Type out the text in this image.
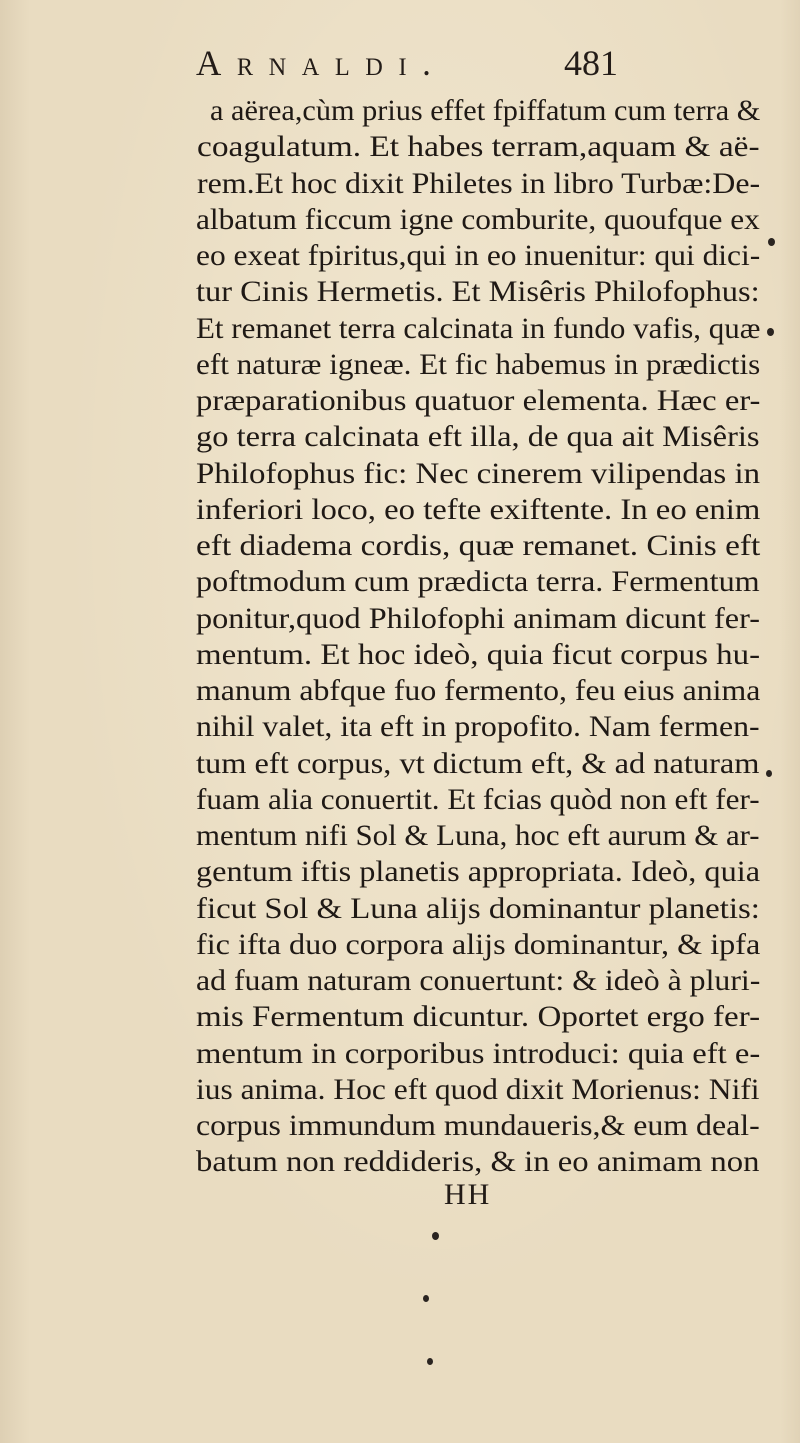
Arnaldi.	481
a aërea,cùm prius effet fpiffatum cum terra &
coagulatum. Et habes terram,aquam & aë-
rem.Et hoc dixit Philetes in libro Turbæ:De-
albatum ficcum igne comburite, quoufque ex
eo exeat fpiritus,qui in eo inuenitur: qui dici-
tur Cinis Hermetis. Et Misêris Philofophus:
Et remanet terra calcinata in fundo vafis, quæ
eft naturæ igneæ. Et fic habemus in prædictis
præparationibus quatuor elementa. Hæc er-
go terra calcinata eft illa, de qua ait Misêris
Philofophus fic: Nec cinerem vilipendas in
inferiori loco, eo tefte exiftente. In eo enim
eft diadema cordis, quæ remanet. Cinis eft
poftmodum cum prædicta terra. Fermentum
ponitur,quod Philofophi animam dicunt fer-
mentum. Et hoc ideò, quia ficut corpus hu-
manum abfque fuo fermento, feu eius anima
nihil valet, ita eft in propofito. Nam fermen-
tum eft corpus, vt dictum eft, & ad naturam
fuam alia conuertit. Et fcias quòd non eft fer-
mentum nifi Sol & Luna, hoc eft aurum & ar-
gentum iftis planetis appropriata. Ideò, quia
ficut Sol & Luna alijs dominantur planetis:
fic ifta duo corpora alijs dominantur, & ipfa
ad fuam naturam conuertunt: & ideò à pluri-
mis Fermentum dicuntur. Oportet ergo fer-
mentum in corporibus introduci: quia eft e-
ius anima. Hoc eft quod dixit Morienus: Nifi
corpus immundum mundaueris,& eum deal-
batum non reddideris, & in eo animam non
HH
